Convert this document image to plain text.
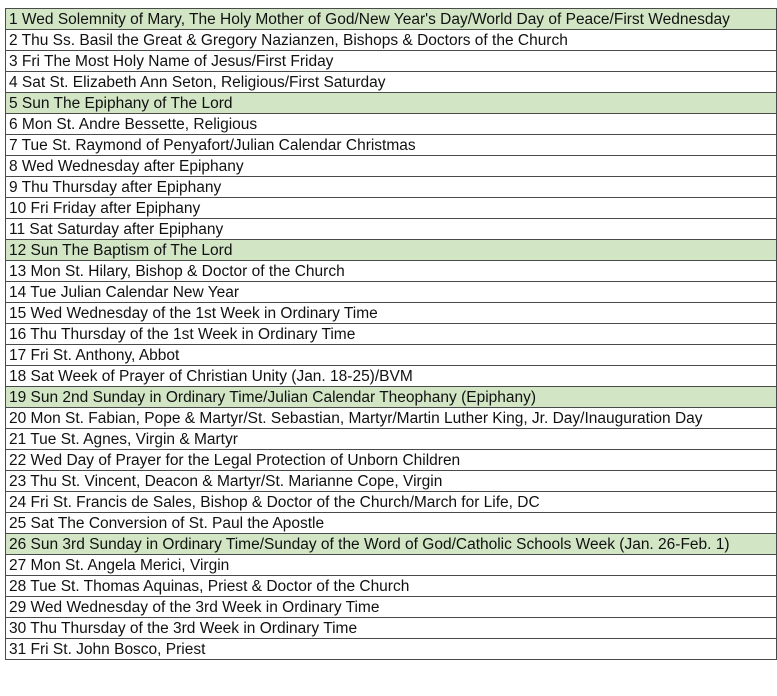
1 Wed Solemnity of Mary, The Holy Mother of God/New Year's Day/World Day of Peace/First Wednesday
2 Thu Ss. Basil the Great & Gregory Nazianzen, Bishops & Doctors of the Church
3 Fri The Most Holy Name of Jesus/First Friday
4 Sat St. Elizabeth Ann Seton, Religious/First Saturday
5 Sun The Epiphany of The Lord
6 Mon St. Andre Bessette, Religious
7 Tue St. Raymond of Penyafort/Julian Calendar Christmas
8 Wed Wednesday after Epiphany
9 Thu Thursday after Epiphany
10 Fri Friday after Epiphany
11 Sat Saturday after Epiphany
12 Sun The Baptism of The Lord
13 Mon St. Hilary, Bishop & Doctor of the Church
14 Tue Julian Calendar New Year
15 Wed Wednesday of the 1st Week in Ordinary Time
16 Thu Thursday of the 1st Week in Ordinary Time
17 Fri St. Anthony, Abbot
18 Sat Week of Prayer of Christian Unity (Jan. 18-25)/BVM
19 Sun 2nd Sunday in Ordinary Time/Julian Calendar Theophany (Epiphany)
20 Mon St. Fabian, Pope & Martyr/St. Sebastian, Martyr/Martin Luther King, Jr. Day/Inauguration Day
21 Tue St. Agnes, Virgin & Martyr
22 Wed Day of Prayer for the Legal Protection of Unborn Children
23 Thu St. Vincent, Deacon & Martyr/St. Marianne Cope, Virgin
24 Fri St. Francis de Sales, Bishop & Doctor of the Church/March for Life, DC
25 Sat The Conversion of St. Paul the Apostle
26 Sun 3rd Sunday in Ordinary Time/Sunday of the Word of God/Catholic Schools Week (Jan. 26-Feb. 1)
27 Mon St. Angela Merici, Virgin
28 Tue St. Thomas Aquinas, Priest & Doctor of the Church
29 Wed Wednesday of the 3rd Week in Ordinary Time
30 Thu Thursday of the 3rd Week in Ordinary Time
31 Fri St. John Bosco, Priest
